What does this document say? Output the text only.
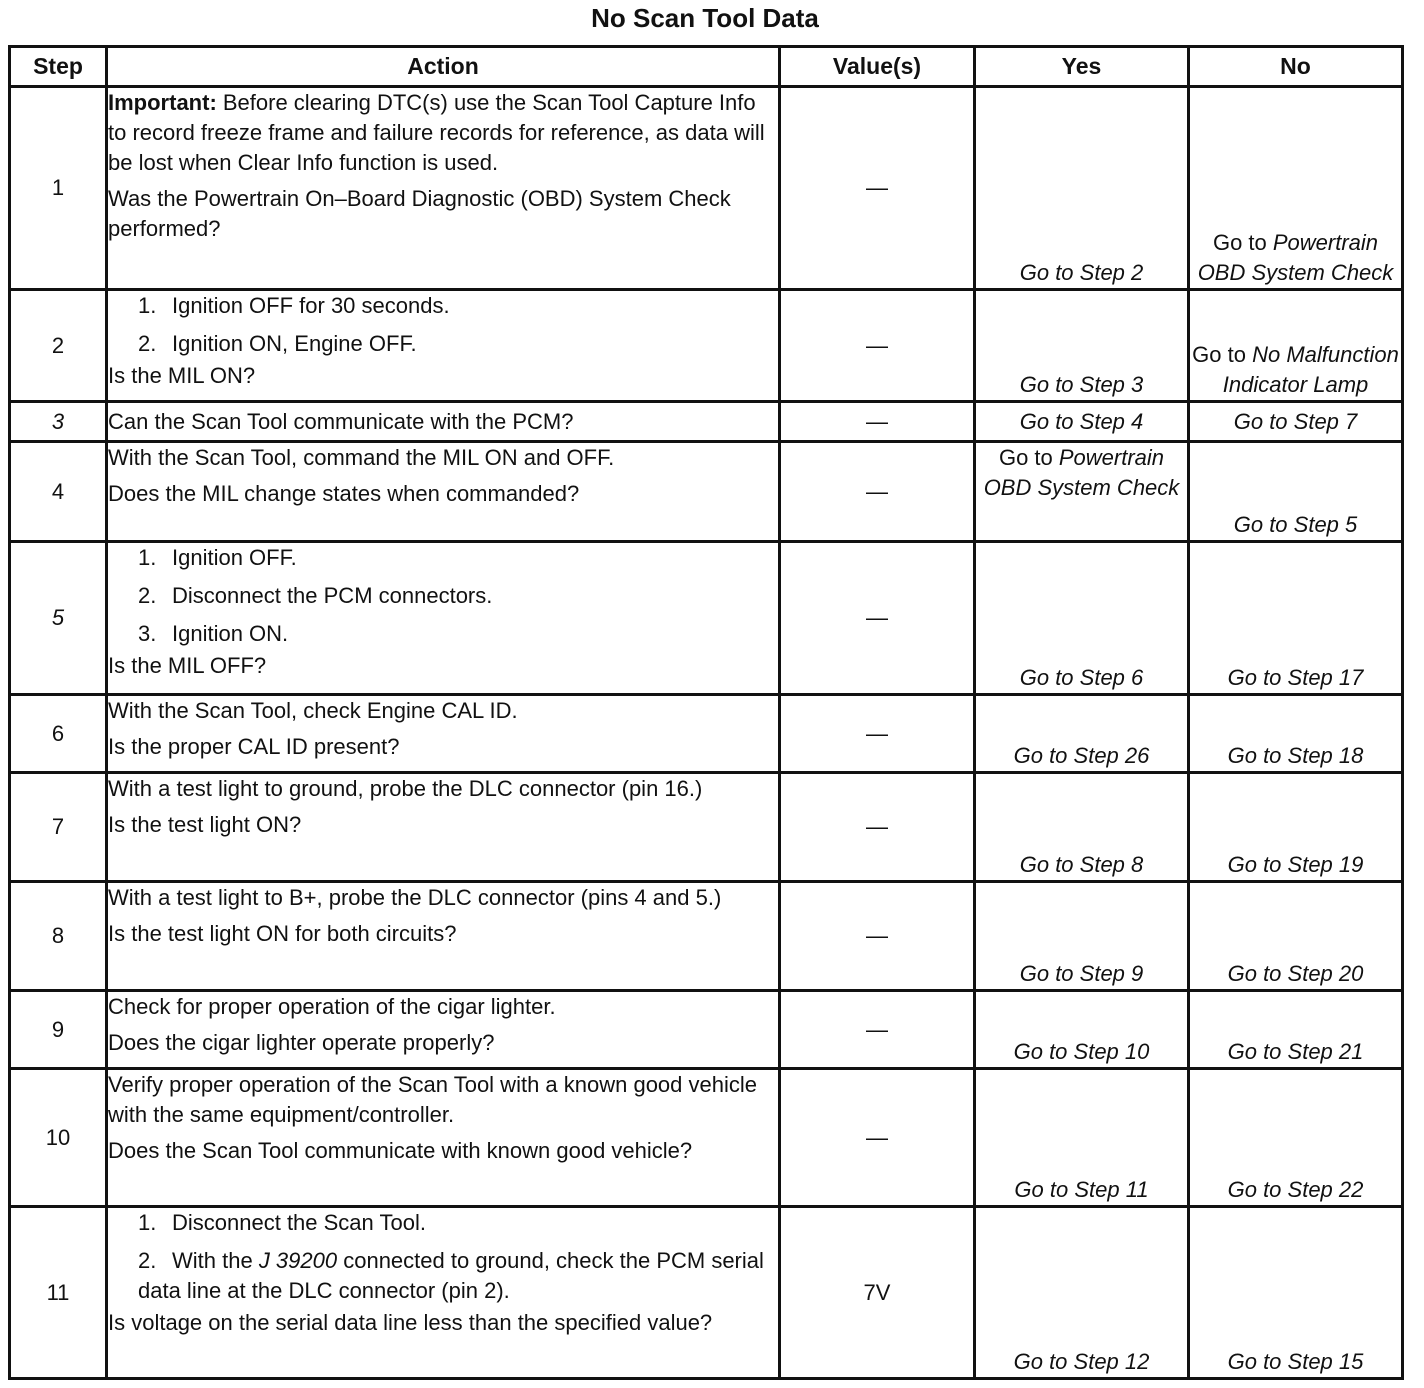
No Scan Tool Data
Step	Action	Value(s)	Yes	No
1	Important: Before clearing DTC(s) use the Scan Tool Capture Info to record freeze frame and failure records for reference, as data will be lost when Clear Info function is used.

Was the Powertrain On–Board Diagnostic (OBD) System Check performed?	—	Go to Step 2	Go to Powertrain OBD System Check
2	1. Ignition OFF for 30 seconds.
2. Ignition ON, Engine OFF.

Is the MIL ON?	—	Go to Step 3	Go to No Malfunction Indicator Lamp
3	Can the Scan Tool communicate with the PCM?	—	Go to Step 4	Go to Step 7
4	With the Scan Tool, command the MIL ON and OFF.

Does the MIL change states when commanded?	—	Go to Powertrain OBD System Check	Go to Step 5
5	1. Ignition OFF.
2. Disconnect the PCM connectors.
3. Ignition ON.

Is the MIL OFF?	—	Go to Step 6	Go to Step 17
6	With the Scan Tool, check Engine CAL ID.

Is the proper CAL ID present?	—	Go to Step 26	Go to Step 18
7	With a test light to ground, probe the DLC connector (pin 16.)

Is the test light ON?	—	Go to Step 8	Go to Step 19
8	With a test light to B+, probe the DLC connector (pins 4 and 5.)

Is the test light ON for both circuits?	—	Go to Step 9	Go to Step 20
9	Check for proper operation of the cigar lighter.

Does the cigar lighter operate properly?	—	Go to Step 10	Go to Step 21
10	Verify proper operation of the Scan Tool with a known good vehicle with the same equipment/controller.

Does the Scan Tool communicate with known good vehicle?	—	Go to Step 11	Go to Step 22
11	1. Disconnect the Scan Tool.
2. With the J 39200 connected to ground, check the PCM serial data line at the DLC connector (pin 2).

Is voltage on the serial data line less than the specified value?	7V	Go to Step 12	Go to Step 15
